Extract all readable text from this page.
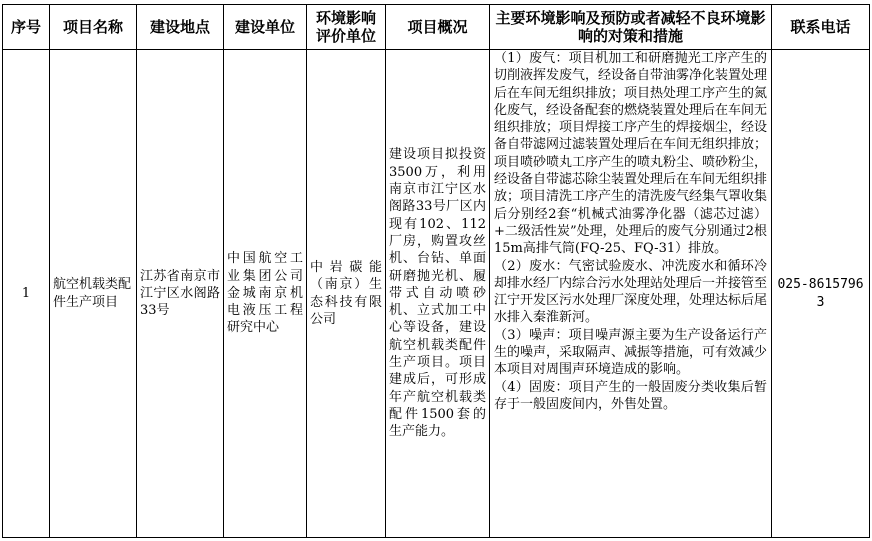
序号	项目名称	建设地点	建设单位	环境影响评价单位	项目概况	主要环境影响及预防或者减轻不良环境影响的对策和措施	联系电话
1	航空机载类配件生产项目	江苏省南京市江宁区水阁路33号	中国航空工业集团公司金城南京机电液压工程研究中心	中岩碳能（南京）生态科技有限公司	建设项目拟投资3500万，利用南京市江宁区水阁路33号厂区内现有102、112厂房，购置攻丝机、台钻、单面研磨抛光机、履带式自动喷砂机、立式加工中心等设备，建设航空机载类配件生产项目。项目建成后，可形成年产航空机载类配件1500套的生产能力。	（1）废气：项目机加工和研磨抛光工序产生的切削液挥发废气，经设备自带油雾净化装置处理后在车间无组织排放；项目热处理工序产生的氮化废气，经设备配套的燃烧装置处理后在车间无组织排放；项目焊接工序产生的焊接烟尘，经设备自带滤网过滤装置处理后在车间无组织排放；项目喷砂喷丸工序产生的喷丸粉尘、喷砂粉尘，经设备自带滤芯除尘装置处理后在车间无组织排放；项目清洗工序产生的清洗废气经集气罩收集后分别经2套“机械式油雾净化器（滤芯过滤）+二级活性炭”处理，处理后的废气分别通过2根15m高排气筒(FQ-25、FQ-31）排放。

（2）废水：气密试验废水、冲洗废水和循环冷却排水经厂内综合污水处理站处理后一并接管至江宁开发区污水处理厂深度处理，处理达标后尾水排入秦淮新河。

（3）噪声：项目噪声源主要为生产设备运行产生的噪声，采取隔声、减振等措施，可有效减少本项目对周围声环境造成的影响。

（4）固废：项目产生的一般固废分类收集后暂存于一般固废间内，外售处置。	025-86157963
